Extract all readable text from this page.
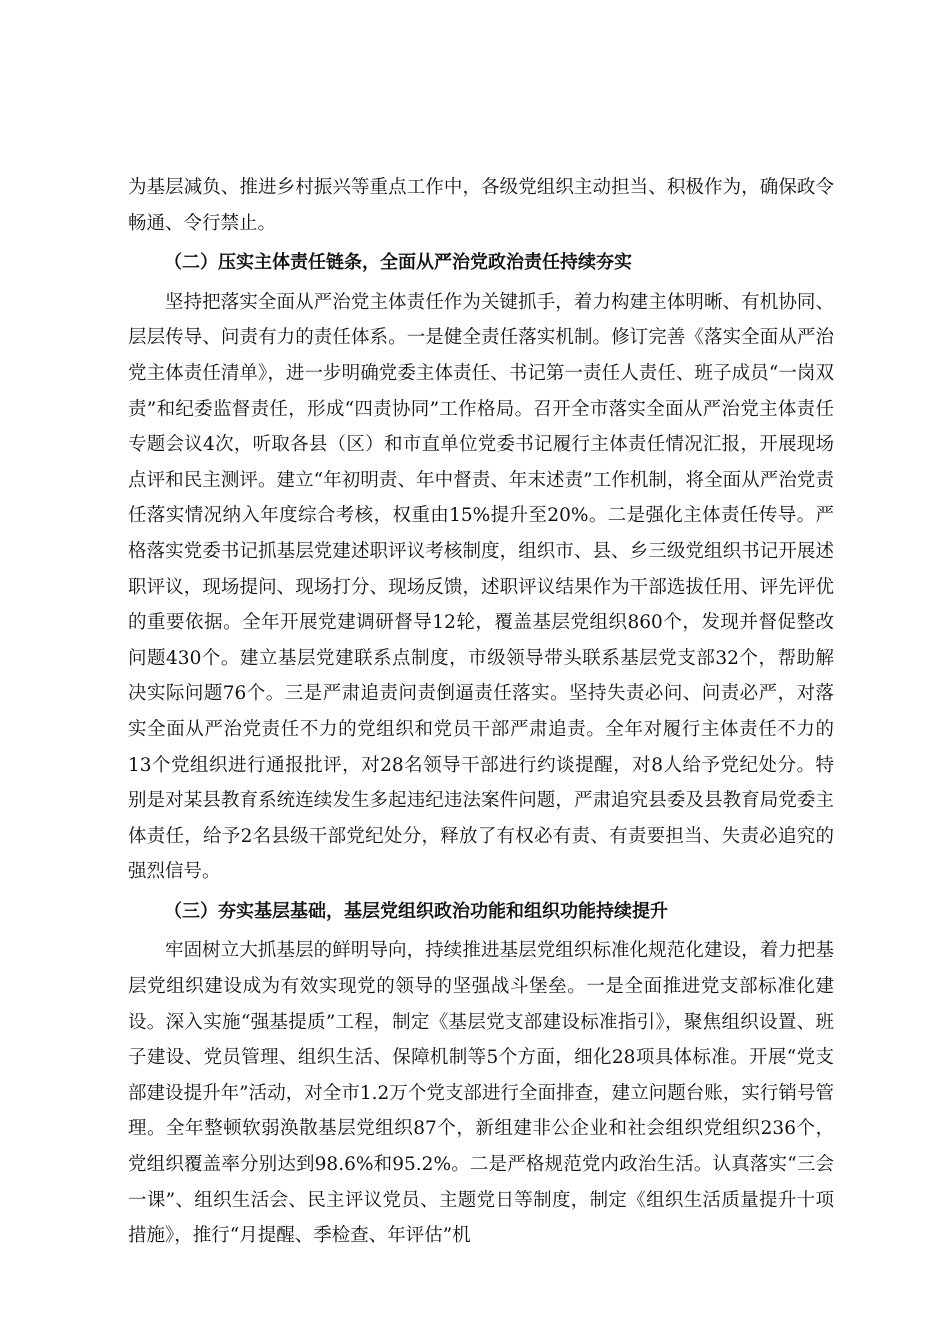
为基层减负、推进乡村振兴等重点工作中，各级党组织主动担当、积极作为，确保政令畅通、令行禁止。

（二）压实主体责任链条，全面从严治党政治责任持续夯实

坚持把落实全面从严治党主体责任作为关键抓手，着力构建主体明晰、有机协同、层层传导、问责有力的责任体系。一是健全责任落实机制。修订完善《落实全面从严治党主体责任清单》，进一步明确党委主体责任、书记第一责任人责任、班子成员“一岗双责”和纪委监督责任，形成“四责协同”工作格局。召开全市落实全面从严治党主体责任专题会议4次，听取各县（区）和市直单位党委书记履行主体责任情况汇报，开展现场点评和民主测评。建立“年初明责、年中督责、年末述责”工作机制，将全面从严治党责任落实情况纳入年度综合考核，权重由15%提升至20%。二是强化主体责任传导。严格落实党委书记抓基层党建述职评议考核制度，组织市、县、乡三级党组织书记开展述职评议，现场提问、现场打分、现场反馈，述职评议结果作为干部选拔任用、评先评优的重要依据。全年开展党建调研督导12轮，覆盖基层党组织860个，发现并督促整改问题430个。建立基层党建联系点制度，市级领导带头联系基层党支部32个，帮助解决实际问题76个。三是严肃追责问责倒逼责任落实。坚持失责必问、问责必严，对落实全面从严治党责任不力的党组织和党员干部严肃追责。全年对履行主体责任不力的13个党组织进行通报批评，对28名领导干部进行约谈提醒，对8人给予党纪处分。特别是对某县教育系统连续发生多起违纪违法案件问题，严肃追究县委及县教育局党委主体责任，给予2名县级干部党纪处分，释放了有权必有责、有责要担当、失责必追究的强烈信号。

（三）夯实基层基础，基层党组织政治功能和组织功能持续提升

牢固树立大抓基层的鲜明导向，持续推进基层党组织标准化规范化建设，着力把基层党组织建设成为有效实现党的领导的坚强战斗堡垒。一是全面推进党支部标准化建设。深入实施“强基提质”工程，制定《基层党支部建设标准指引》，聚焦组织设置、班子建设、党员管理、组织生活、保障机制等5个方面，细化28项具体标准。开展“党支部建设提升年”活动，对全市1.2万个党支部进行全面排查，建立问题台账，实行销号管理。全年整顿软弱涣散基层党组织87个，新组建非公企业和社会组织党组织236个，党组织覆盖率分别达到98.6%和95.2%。二是严格规范党内政治生活。认真落实“三会一课”、组织生活会、民主评议党员、主题党日等制度，制定《组织生活质量提升十项措施》，推行“月提醒、季检查、年评估”机
